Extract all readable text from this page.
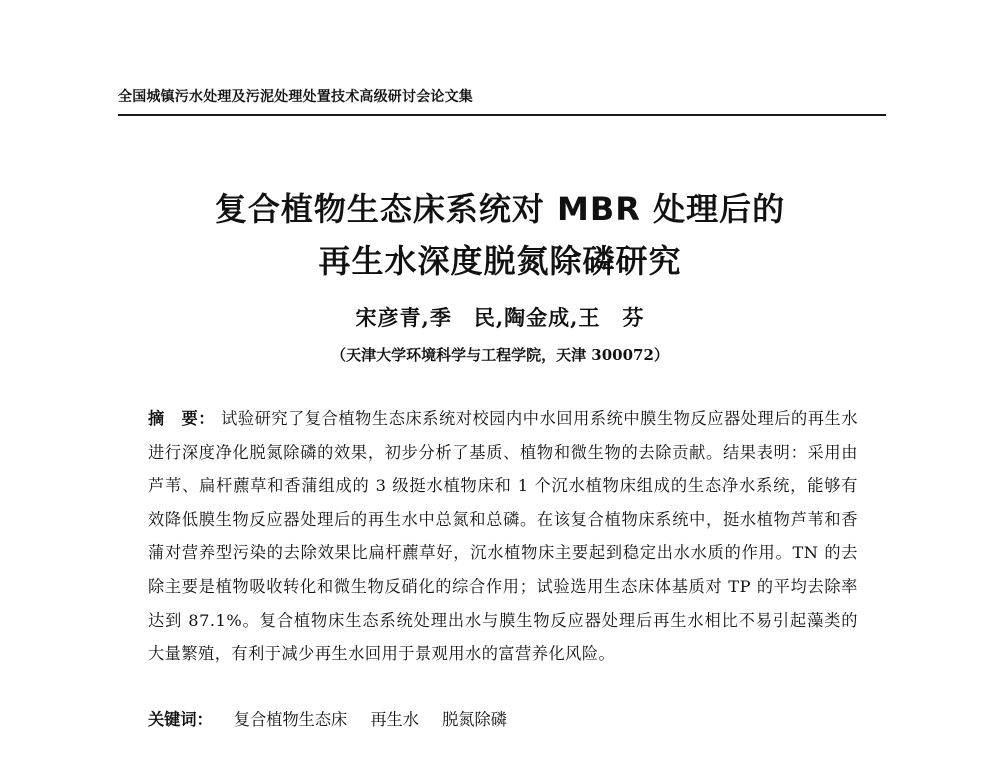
全国城镇污水处理及污泥处理处置技术高级研讨会论文集
复合植物生态床系统对 MBR 处理后的
再生水深度脱氮除磷研究
宋彦青,季　民,陶金成,王　芬
（天津大学环境科学与工程学院，天津 300072）
摘　要： 试验研究了复合植物生态床系统对校园内中水回用系统中膜生物反应器处理后的再生水进行深度净化脱氮除磷的效果，初步分析了基质、植物和微生物的去除贡献。结果表明：采用由芦苇、扁杆藨草和香蒲组成的 3 级挺水植物床和 1 个沉水植物床组成的生态净水系统，能够有效降低膜生物反应器处理后的再生水中总氮和总磷。在该复合植物床系统中，挺水植物芦苇和香蒲对营养型污染的去除效果比扁杆藨草好，沉水植物床主要起到稳定出水水质的作用。TN 的去除主要是植物吸收转化和微生物反硝化的综合作用；试验选用生态床体基质对 TP 的平均去除率达到 87.1%。复合植物床生态系统处理出水与膜生物反应器处理后再生水相比不易引起藻类的大量繁殖，有利于减少再生水回用于景观用水的富营养化风险。
关键词： 复合植物生态床 再生水 脱氮除磷
